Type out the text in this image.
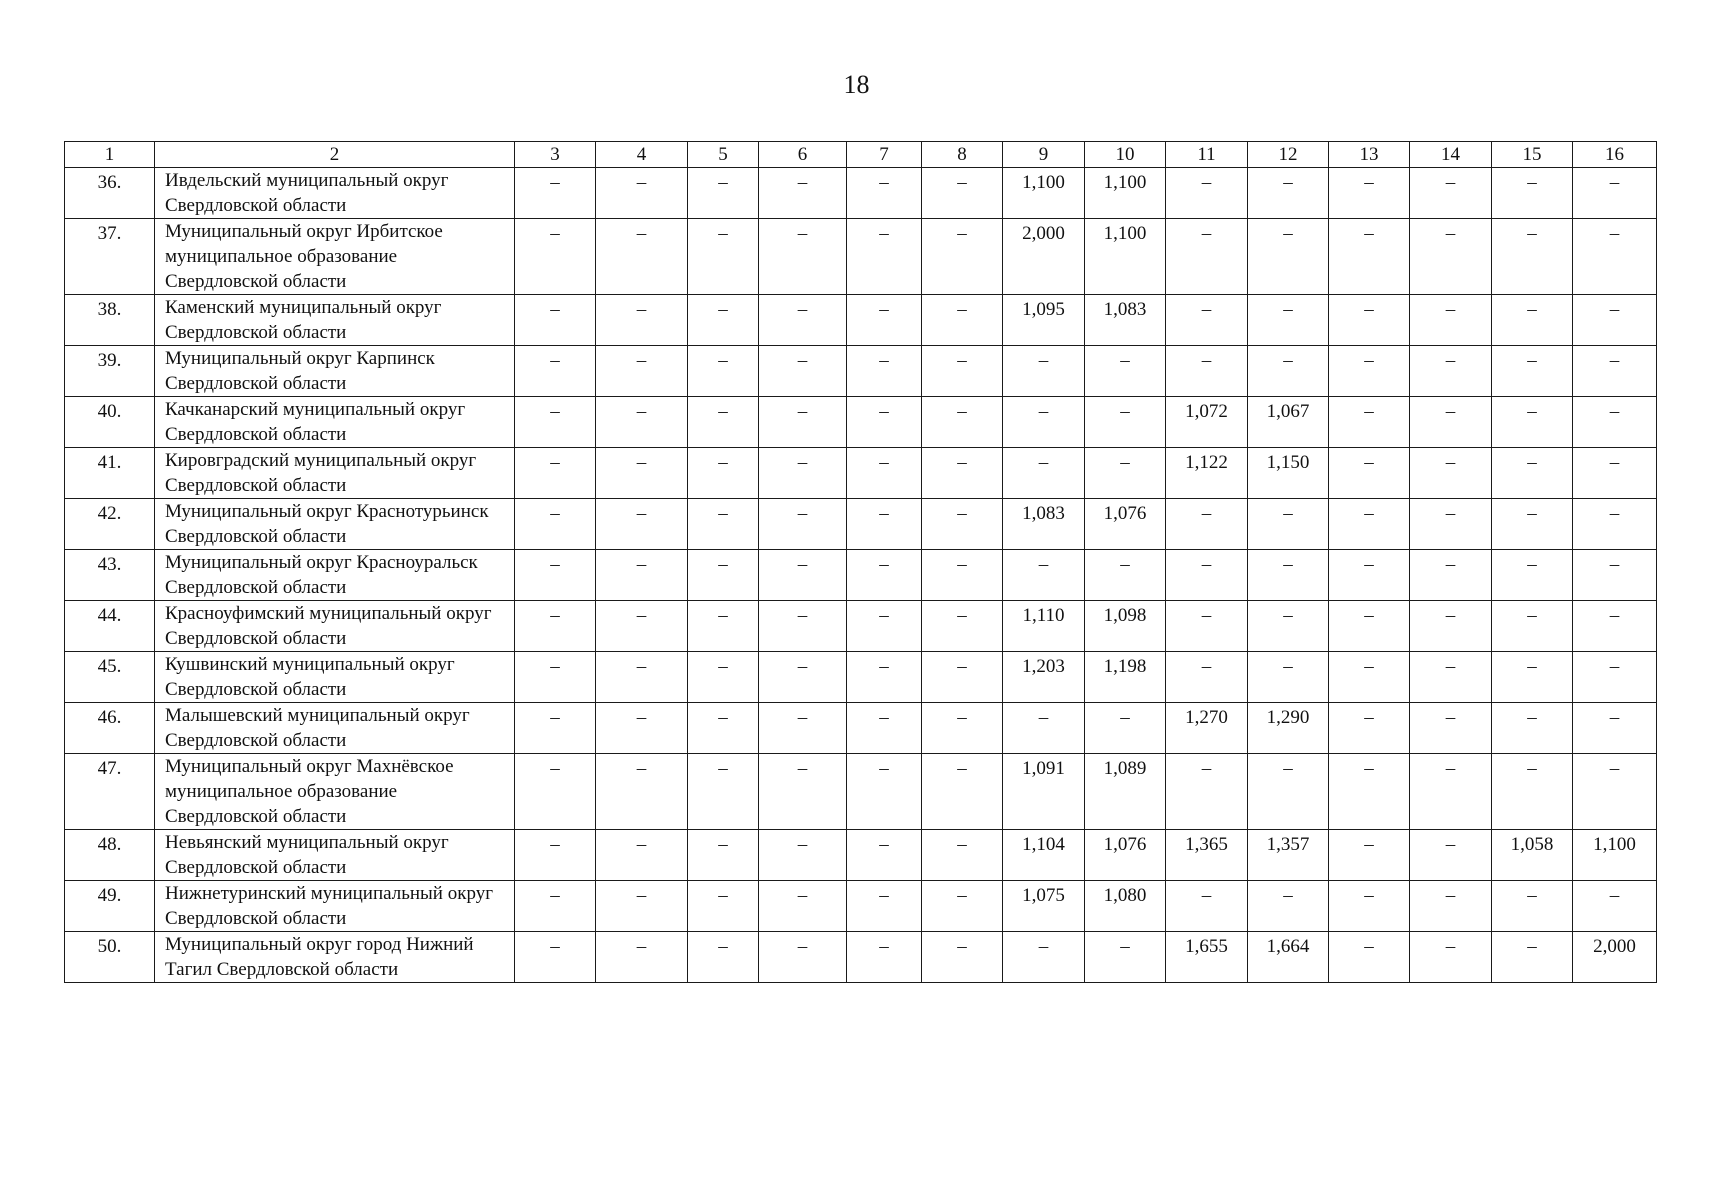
18
1	2	3	4	5	6	7	8	9	10	11	12	13	14	15	16
36.	Ивдельский муниципальный округ Свердловской области	–	–	–	–	–	–	1,100	1,100	–	–	–	–	–	–
37.	Муниципальный округ Ирбитское муниципальное образование Свердловской области	–	–	–	–	–	–	2,000	1,100	–	–	–	–	–	–
38.	Каменский муниципальный округ Свердловской области	–	–	–	–	–	–	1,095	1,083	–	–	–	–	–	–
39.	Муниципальный округ Карпинск Свердловской области	–	–	–	–	–	–	–	–	–	–	–	–	–	–
40.	Качканарский муниципальный округ Свердловской области	–	–	–	–	–	–	–	–	1,072	1,067	–	–	–	–
41.	Кировградский муниципальный округ Свердловской области	–	–	–	–	–	–	–	–	1,122	1,150	–	–	–	–
42.	Муниципальный округ Краснотурьинск Свердловской области	–	–	–	–	–	–	1,083	1,076	–	–	–	–	–	–
43.	Муниципальный округ Красноуральск Свердловской области	–	–	–	–	–	–	–	–	–	–	–	–	–	–
44.	Красноуфимский муниципальный округ Свердловской области	–	–	–	–	–	–	1,110	1,098	–	–	–	–	–	–
45.	Кушвинский муниципальный округ Свердловской области	–	–	–	–	–	–	1,203	1,198	–	–	–	–	–	–
46.	Малышевский муниципальный округ Свердловской области	–	–	–	–	–	–	–	–	1,270	1,290	–	–	–	–
47.	Муниципальный округ Махнёвское муниципальное образование Свердловской области	–	–	–	–	–	–	1,091	1,089	–	–	–	–	–	–
48.	Невьянский муниципальный округ Свердловской области	–	–	–	–	–	–	1,104	1,076	1,365	1,357	–	–	1,058	1,100
49.	Нижнетуринский муниципальный округ Свердловской области	–	–	–	–	–	–	1,075	1,080	–	–	–	–	–	–
50.	Муниципальный округ город Нижний Тагил Свердловской области	–	–	–	–	–	–	–	–	1,655	1,664	–	–	–	2,000
